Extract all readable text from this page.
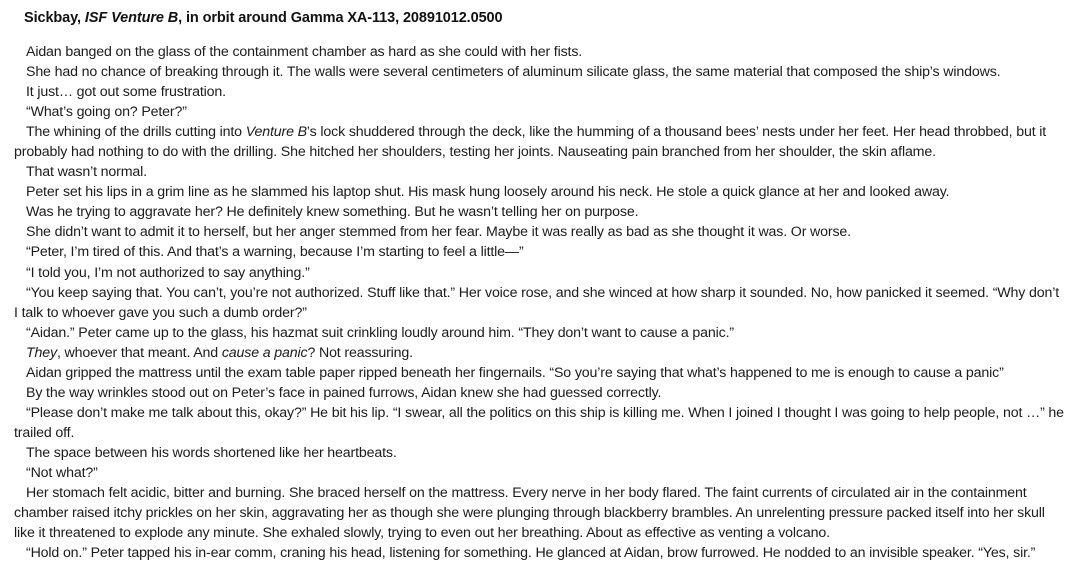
Sickbay, ISF Venture B, in orbit around Gamma XA-113, 20891012.0500

Aidan banged on the glass of the containment chamber as hard as she could with her fists.

She had no chance of breaking through it. The walls were several centimeters of aluminum silicate glass, the same material that composed the ship’s windows.

It just… got out some frustration.

“What’s going on? Peter?”

The whining of the drills cutting into Venture B’s lock shuddered through the deck, like the humming of a thousand bees’ nests under her feet. Her head throbbed, but it probably had nothing to do with the drilling. She hitched her shoulders, testing her joints. Nauseating pain branched from her shoulder, the skin aflame.

That wasn’t normal.

Peter set his lips in a grim line as he slammed his laptop shut. His mask hung loosely around his neck. He stole a quick glance at her and looked away.

Was he trying to aggravate her? He definitely knew something. But he wasn’t telling her on purpose.

She didn’t want to admit it to herself, but her anger stemmed from her fear. Maybe it was really as bad as she thought it was. Or worse.

“Peter, I’m tired of this. And that’s a warning, because I’m starting to feel a little—”

“I told you, I’m not authorized to say anything.”

“You keep saying that. You can’t, you’re not authorized. Stuff like that.” Her voice rose, and she winced at how sharp it sounded. No, how panicked it seemed. “Why don’t I talk to whoever gave you such a dumb order?”

“Aidan.” Peter came up to the glass, his hazmat suit crinkling loudly around him. “They don’t want to cause a panic.”

They, whoever that meant. And cause a panic? Not reassuring.

Aidan gripped the mattress until the exam table paper ripped beneath her fingernails. “So you’re saying that what’s happened to me is enough to cause a panic”

By the way wrinkles stood out on Peter’s face in pained furrows, Aidan knew she had guessed correctly.

“Please don’t make me talk about this, okay?” He bit his lip. “I swear, all the politics on this ship is killing me. When I joined I thought I was going to help people, not …” he trailed off.

The space between his words shortened like her heartbeats.

“Not what?”

Her stomach felt acidic, bitter and burning. She braced herself on the mattress. Every nerve in her body flared. The faint currents of circulated air in the containment chamber raised itchy prickles on her skin, aggravating her as though she were plunging through blackberry brambles. An unrelenting pressure packed itself into her skull like it threatened to explode any minute. She exhaled slowly, trying to even out her breathing. About as effective as venting a volcano.

“Hold on.” Peter tapped his in-ear comm, craning his head, listening for something. He glanced at Aidan, brow furrowed. He nodded to an invisible speaker. “Yes, sir.”
